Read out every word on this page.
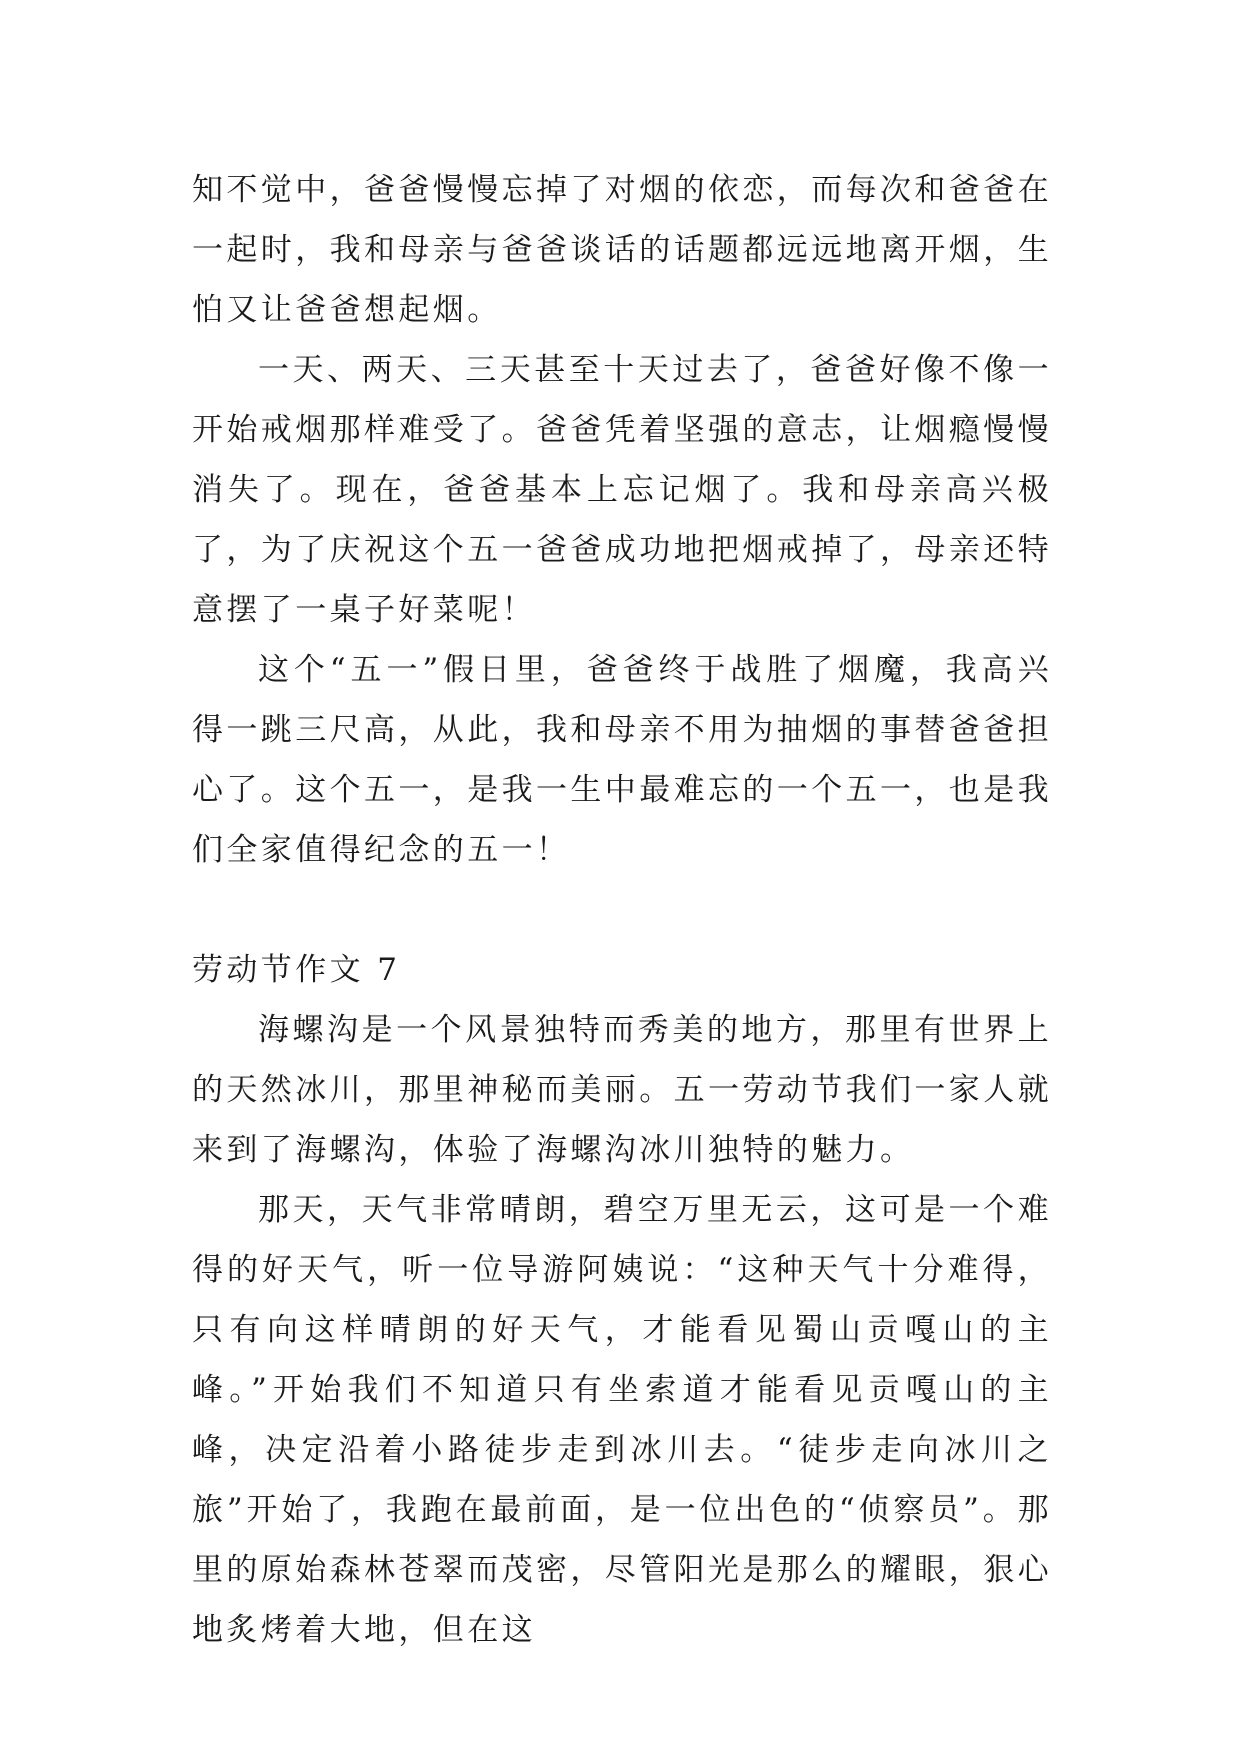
知不觉中，爸爸慢慢忘掉了对烟的依恋，而每次和爸爸在一起时，我和母亲与爸爸谈话的话题都远远地离开烟，生怕又让爸爸想起烟。

一天、两天、三天甚至十天过去了，爸爸好像不像一开始戒烟那样难受了。爸爸凭着坚强的意志，让烟瘾慢慢消失了。现在，爸爸基本上忘记烟了。我和母亲高兴极了，为了庆祝这个五一爸爸成功地把烟戒掉了，母亲还特意摆了一桌子好菜呢！

这个“五一”假日里，爸爸终于战胜了烟魔，我高兴得一跳三尺高，从此，我和母亲不用为抽烟的事替爸爸担心了。这个五一，是我一生中最难忘的一个五一，也是我们全家值得纪念的五一！

劳动节作文 7

海螺沟是一个风景独特而秀美的地方，那里有世界上的天然冰川，那里神秘而美丽。五一劳动节我们一家人就来到了海螺沟，体验了海螺沟冰川独特的魅力。

那天，天气非常晴朗，碧空万里无云，这可是一个难得的好天气，听一位导游阿姨说：“这种天气十分难得，只有向这样晴朗的好天气，才能看见蜀山贡嘎山的主峰。”开始我们不知道只有坐索道才能看见贡嘎山的主峰，决定沿着小路徒步走到冰川去。“徒步走向冰川之旅”开始了，我跑在最前面，是一位出色的“侦察员”。那里的原始森林苍翠而茂密，尽管阳光是那么的耀眼，狠心地炙烤着大地，但在这
